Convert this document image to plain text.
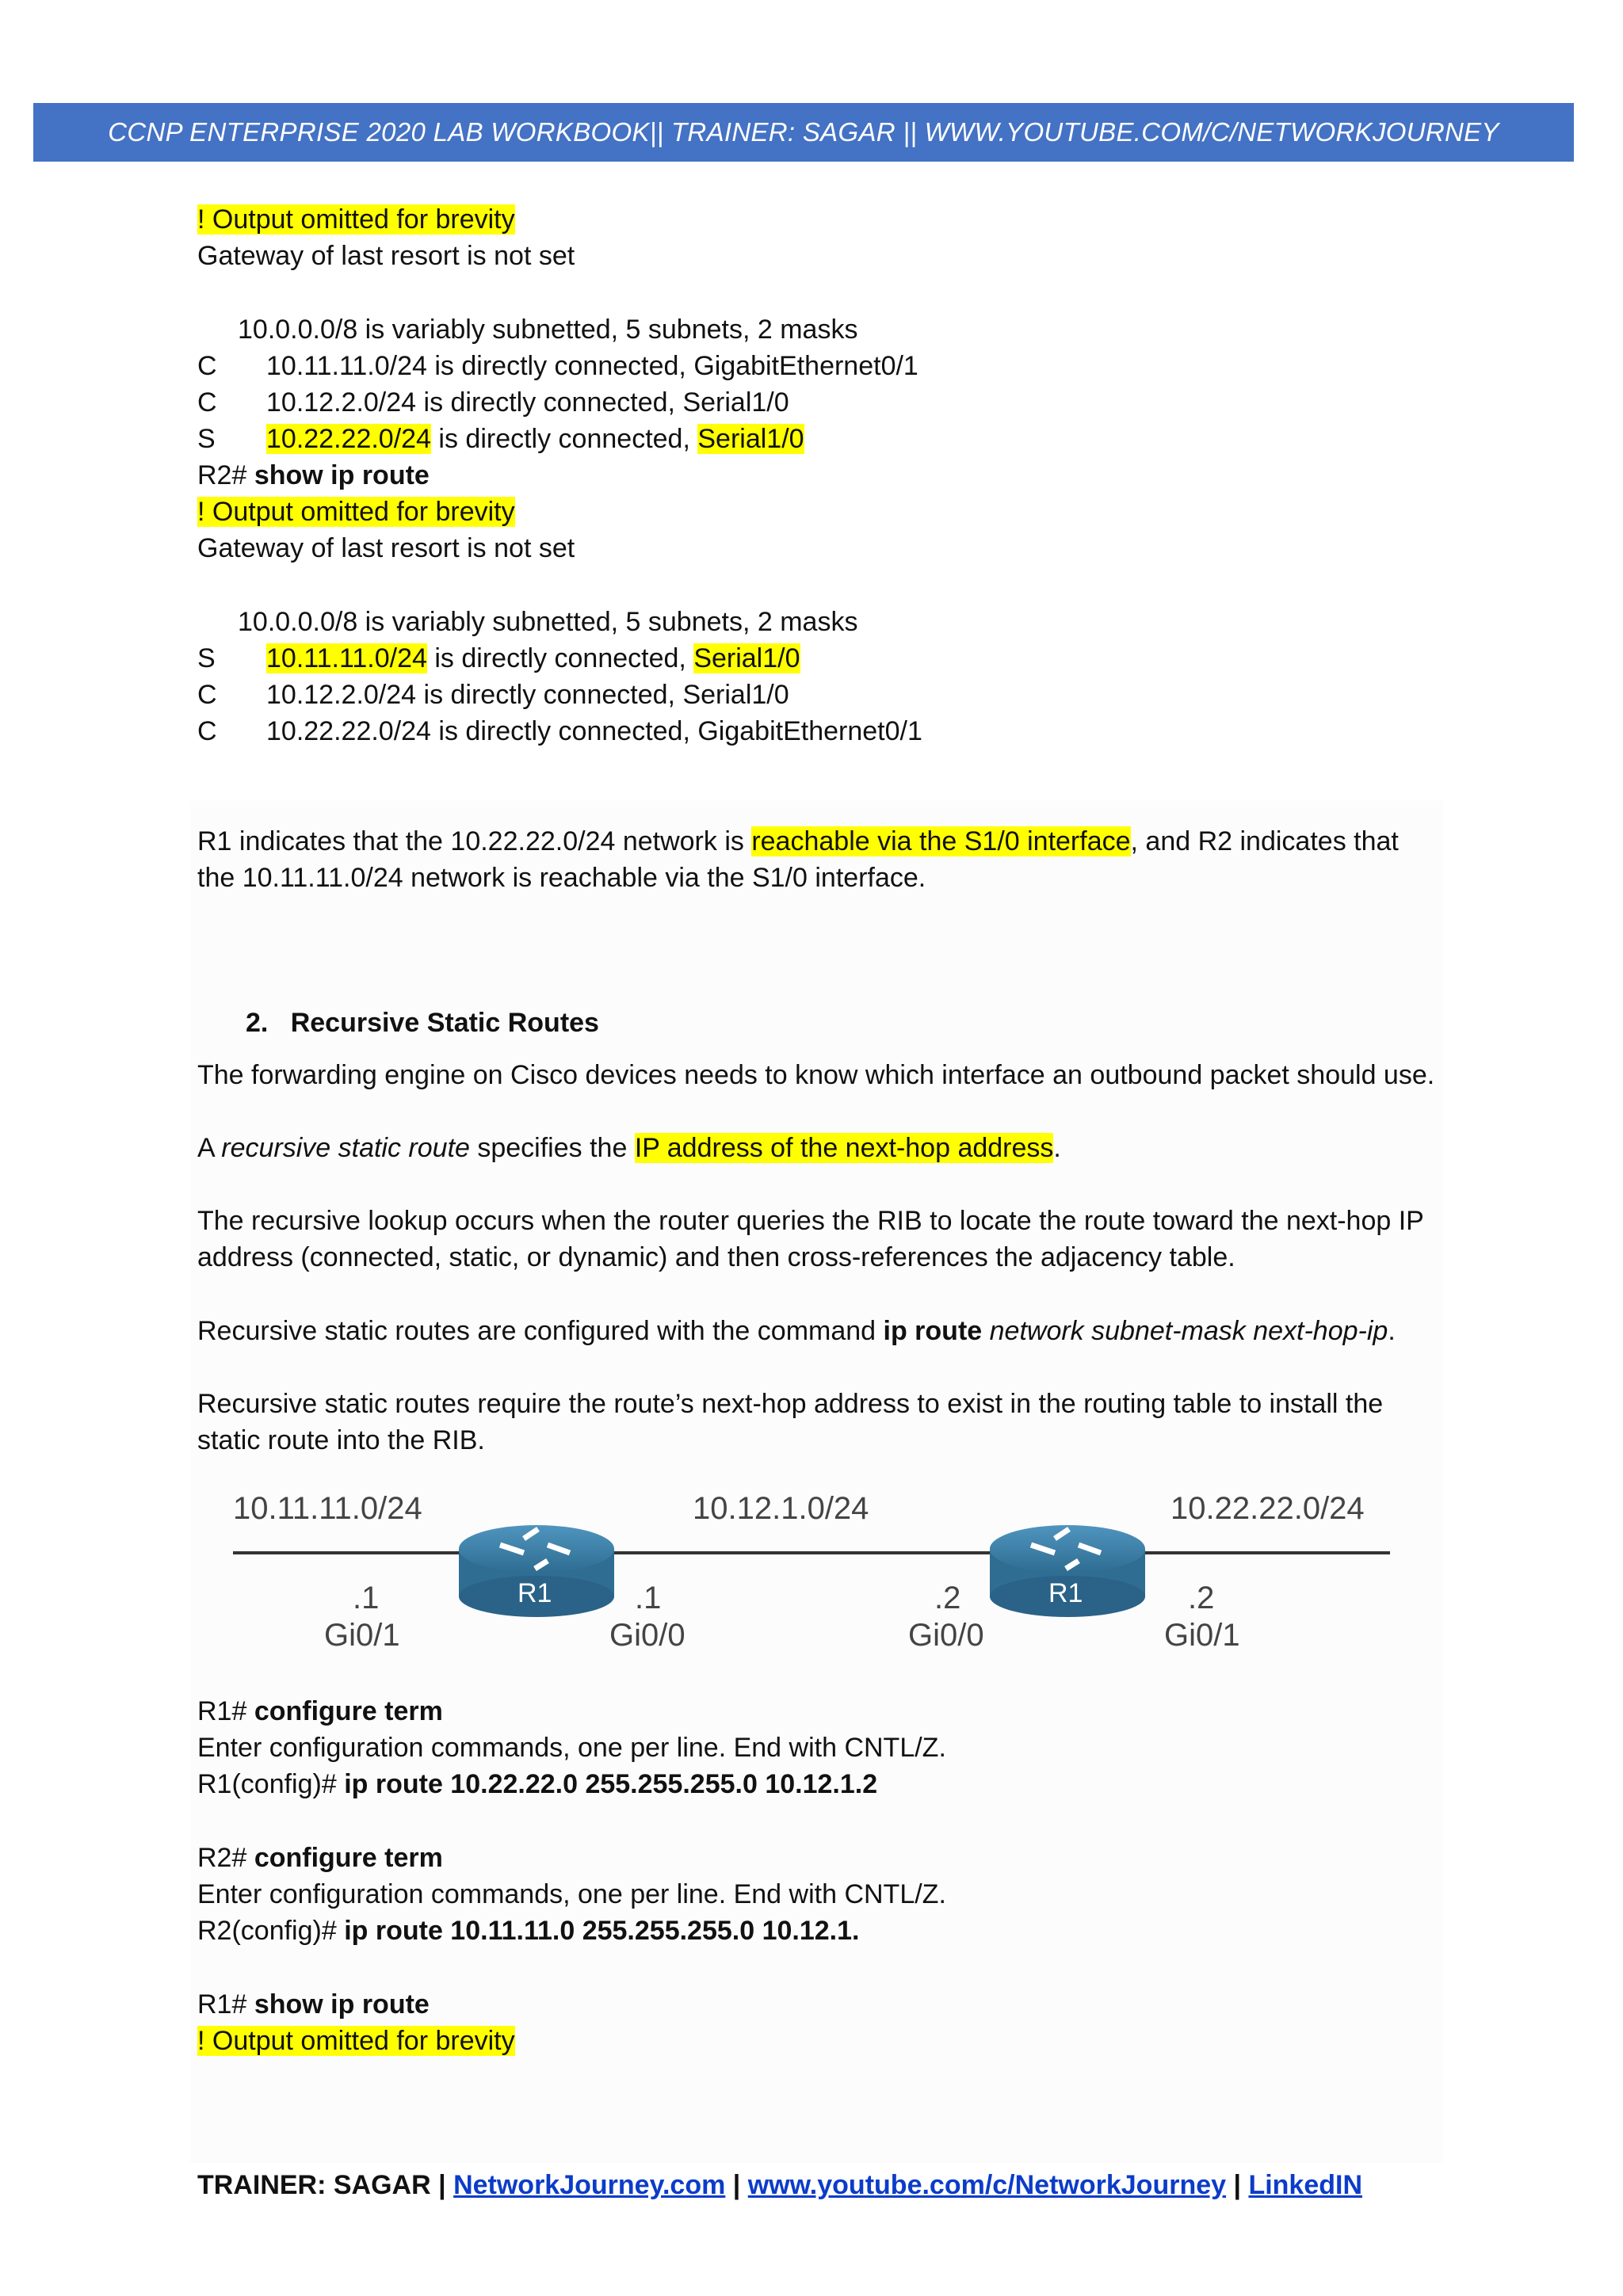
CCNP ENTERPRISE 2020 LAB WORKBOOK|| TRAINER: SAGAR || WWW.YOUTUBE.COM/C/NETWORKJOURNEY
! Output omitted for brevity
Gateway of last resort is not set
10.0.0.0/8 is variably subnetted, 5 subnets, 2 masks
C	10.11.11.0/24 is directly connected, GigabitEthernet0/1
C	10.12.2.0/24 is directly connected, Serial1/0
S	10.22.22.0/24 is directly connected, Serial1/0
R2# show ip route
! Output omitted for brevity
Gateway of last resort is not set
10.0.0.0/8 is variably subnetted, 5 subnets, 2 masks
S	10.11.11.0/24 is directly connected, Serial1/0
C	10.12.2.0/24 is directly connected, Serial1/0
C	10.22.22.0/24 is directly connected, GigabitEthernet0/1
R1 indicates that the 10.22.22.0/24 network is reachable via the S1/0 interface, and R2 indicates that the 10.11.11.0/24 network is reachable via the S1/0 interface.
2. Recursive Static Routes
The forwarding engine on Cisco devices needs to know which interface an outbound packet should use.
A recursive static route specifies the IP address of the next-hop address.
The recursive lookup occurs when the router queries the RIB to locate the route toward the next-hop IP address (connected, static, or dynamic) and then cross-references the adjacency table.
Recursive static routes are configured with the command ip route network subnet-mask next-hop-ip.
Recursive static routes require the route’s next-hop address to exist in the routing table to install the static route into the RIB.
10.11.11.0/24	10.12.1.0/24	10.22.22.0/24
.1
Gi0/1
.1
Gi0/0
.2
Gi0/0
.2
Gi0/1
R1	R1
R1# configure term
Enter configuration commands, one per line. End with CNTL/Z.
R1(config)# ip route 10.22.22.0 255.255.255.0 10.12.1.2
R2# configure term
Enter configuration commands, one per line. End with CNTL/Z.
R2(config)# ip route 10.11.11.0 255.255.255.0 10.12.1.
R1# show ip route
! Output omitted for brevity
TRAINER: SAGAR | NetworkJourney.com | www.youtube.com/c/NetworkJourney | LinkedIN
